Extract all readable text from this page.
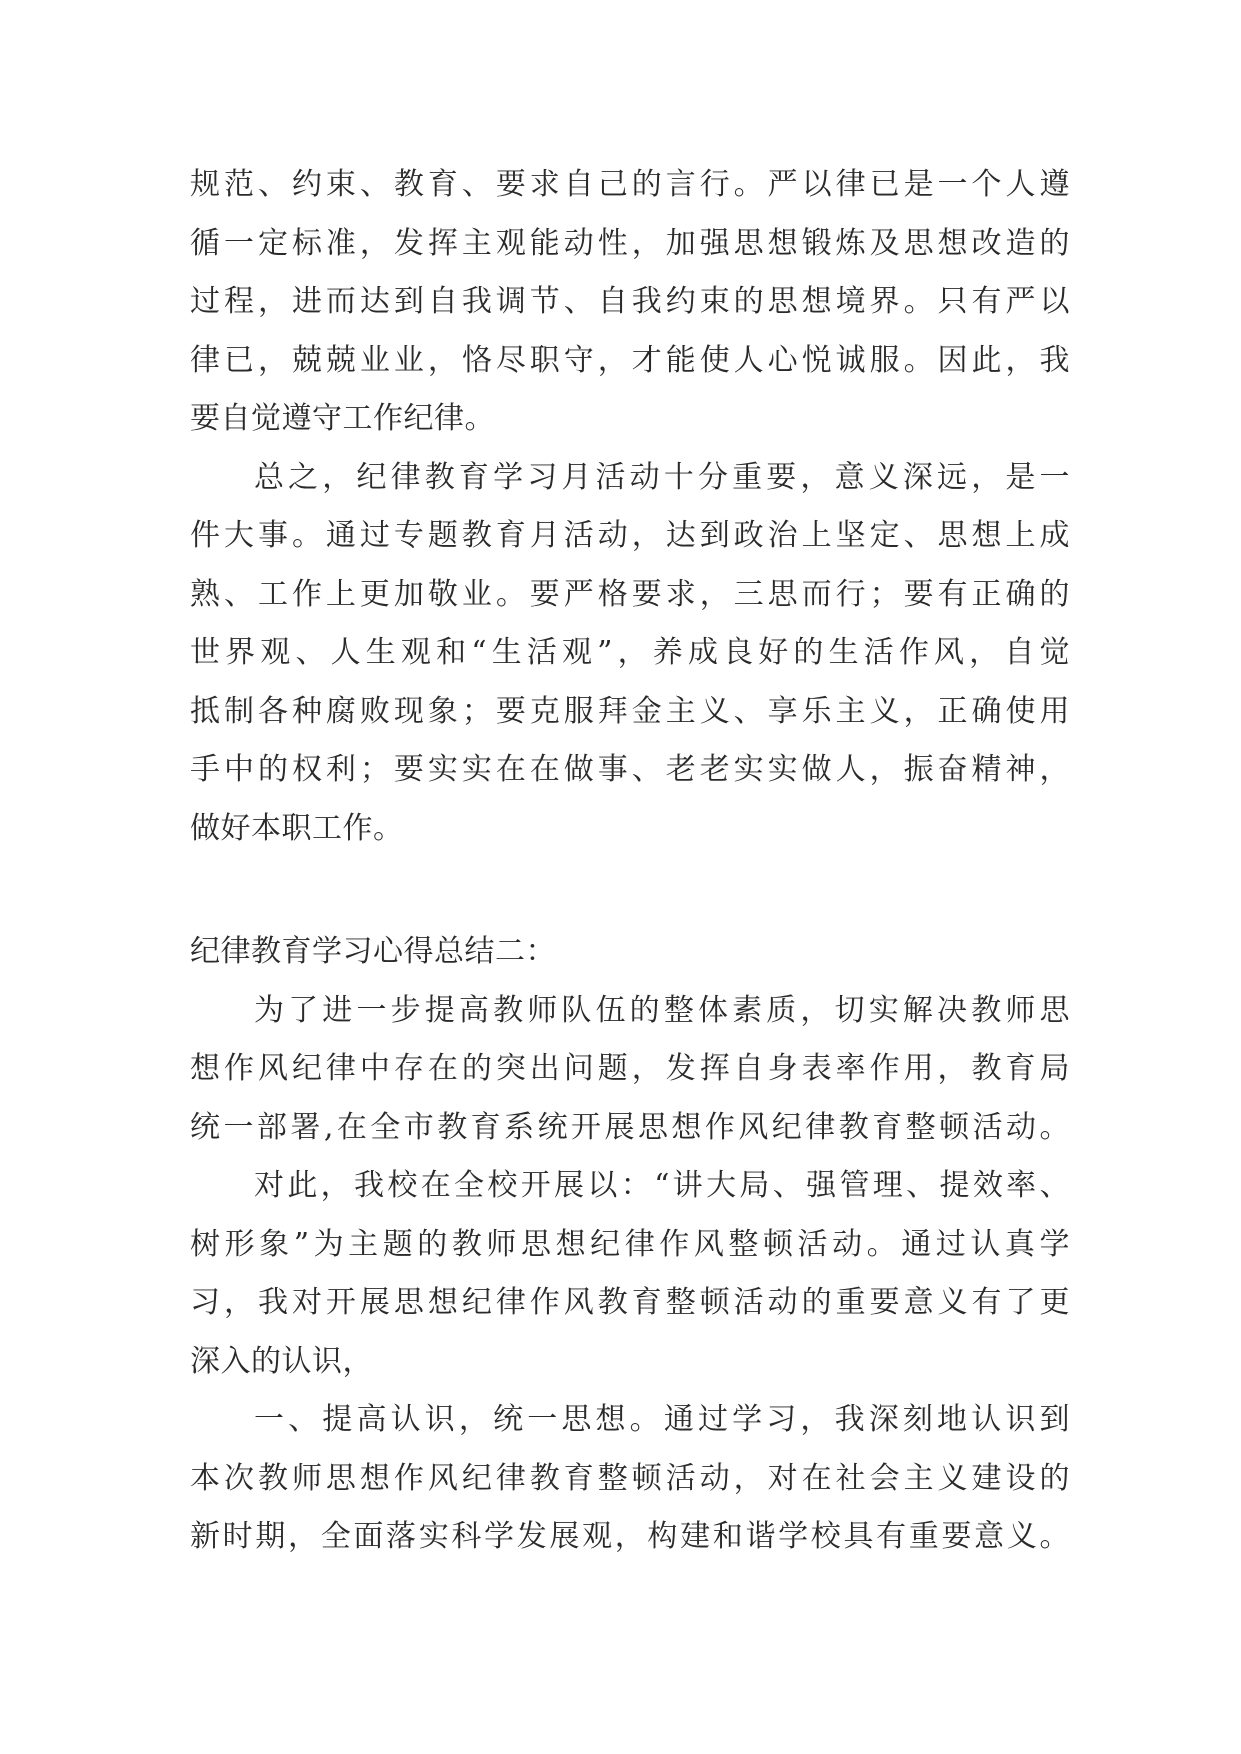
规范、约束、教育、要求自己的言行。严以律已是一个人遵
循一定标准，发挥主观能动性，加强思想锻炼及思想改造的
过程，进而达到自我调节、自我约束的思想境界。只有严以
律已，兢兢业业，恪尽职守，才能使人心悦诚服。因此，我
要自觉遵守工作纪律。
总之，纪律教育学习月活动十分重要，意义深远，是一
件大事。通过专题教育月活动，达到政治上坚定、思想上成
熟、工作上更加敬业。要严格要求，三思而行；要有正确的
世界观、人生观和“生活观”，养成良好的生活作风，自觉
抵制各种腐败现象；要克服拜金主义、享乐主义，正确使用
手中的权利；要实实在在做事、老老实实做人，振奋精神，
做好本职工作。
纪律教育学习心得总结二：
为了进一步提高教师队伍的整体素质，切实解决教师思
想作风纪律中存在的突出问题，发挥自身表率作用，教育局
统一部署,在全市教育系统开展思想作风纪律教育整顿活动。
对此，我校在全校开展以：“讲大局、强管理、提效率、
树形象”为主题的教师思想纪律作风整顿活动。通过认真学
习，我对开展思想纪律作风教育整顿活动的重要意义有了更
深入的认识，
一、提高认识，统一思想。通过学习，我深刻地认识到
本次教师思想作风纪律教育整顿活动，对在社会主义建设的
新时期，全面落实科学发展观，构建和谐学校具有重要意义。
